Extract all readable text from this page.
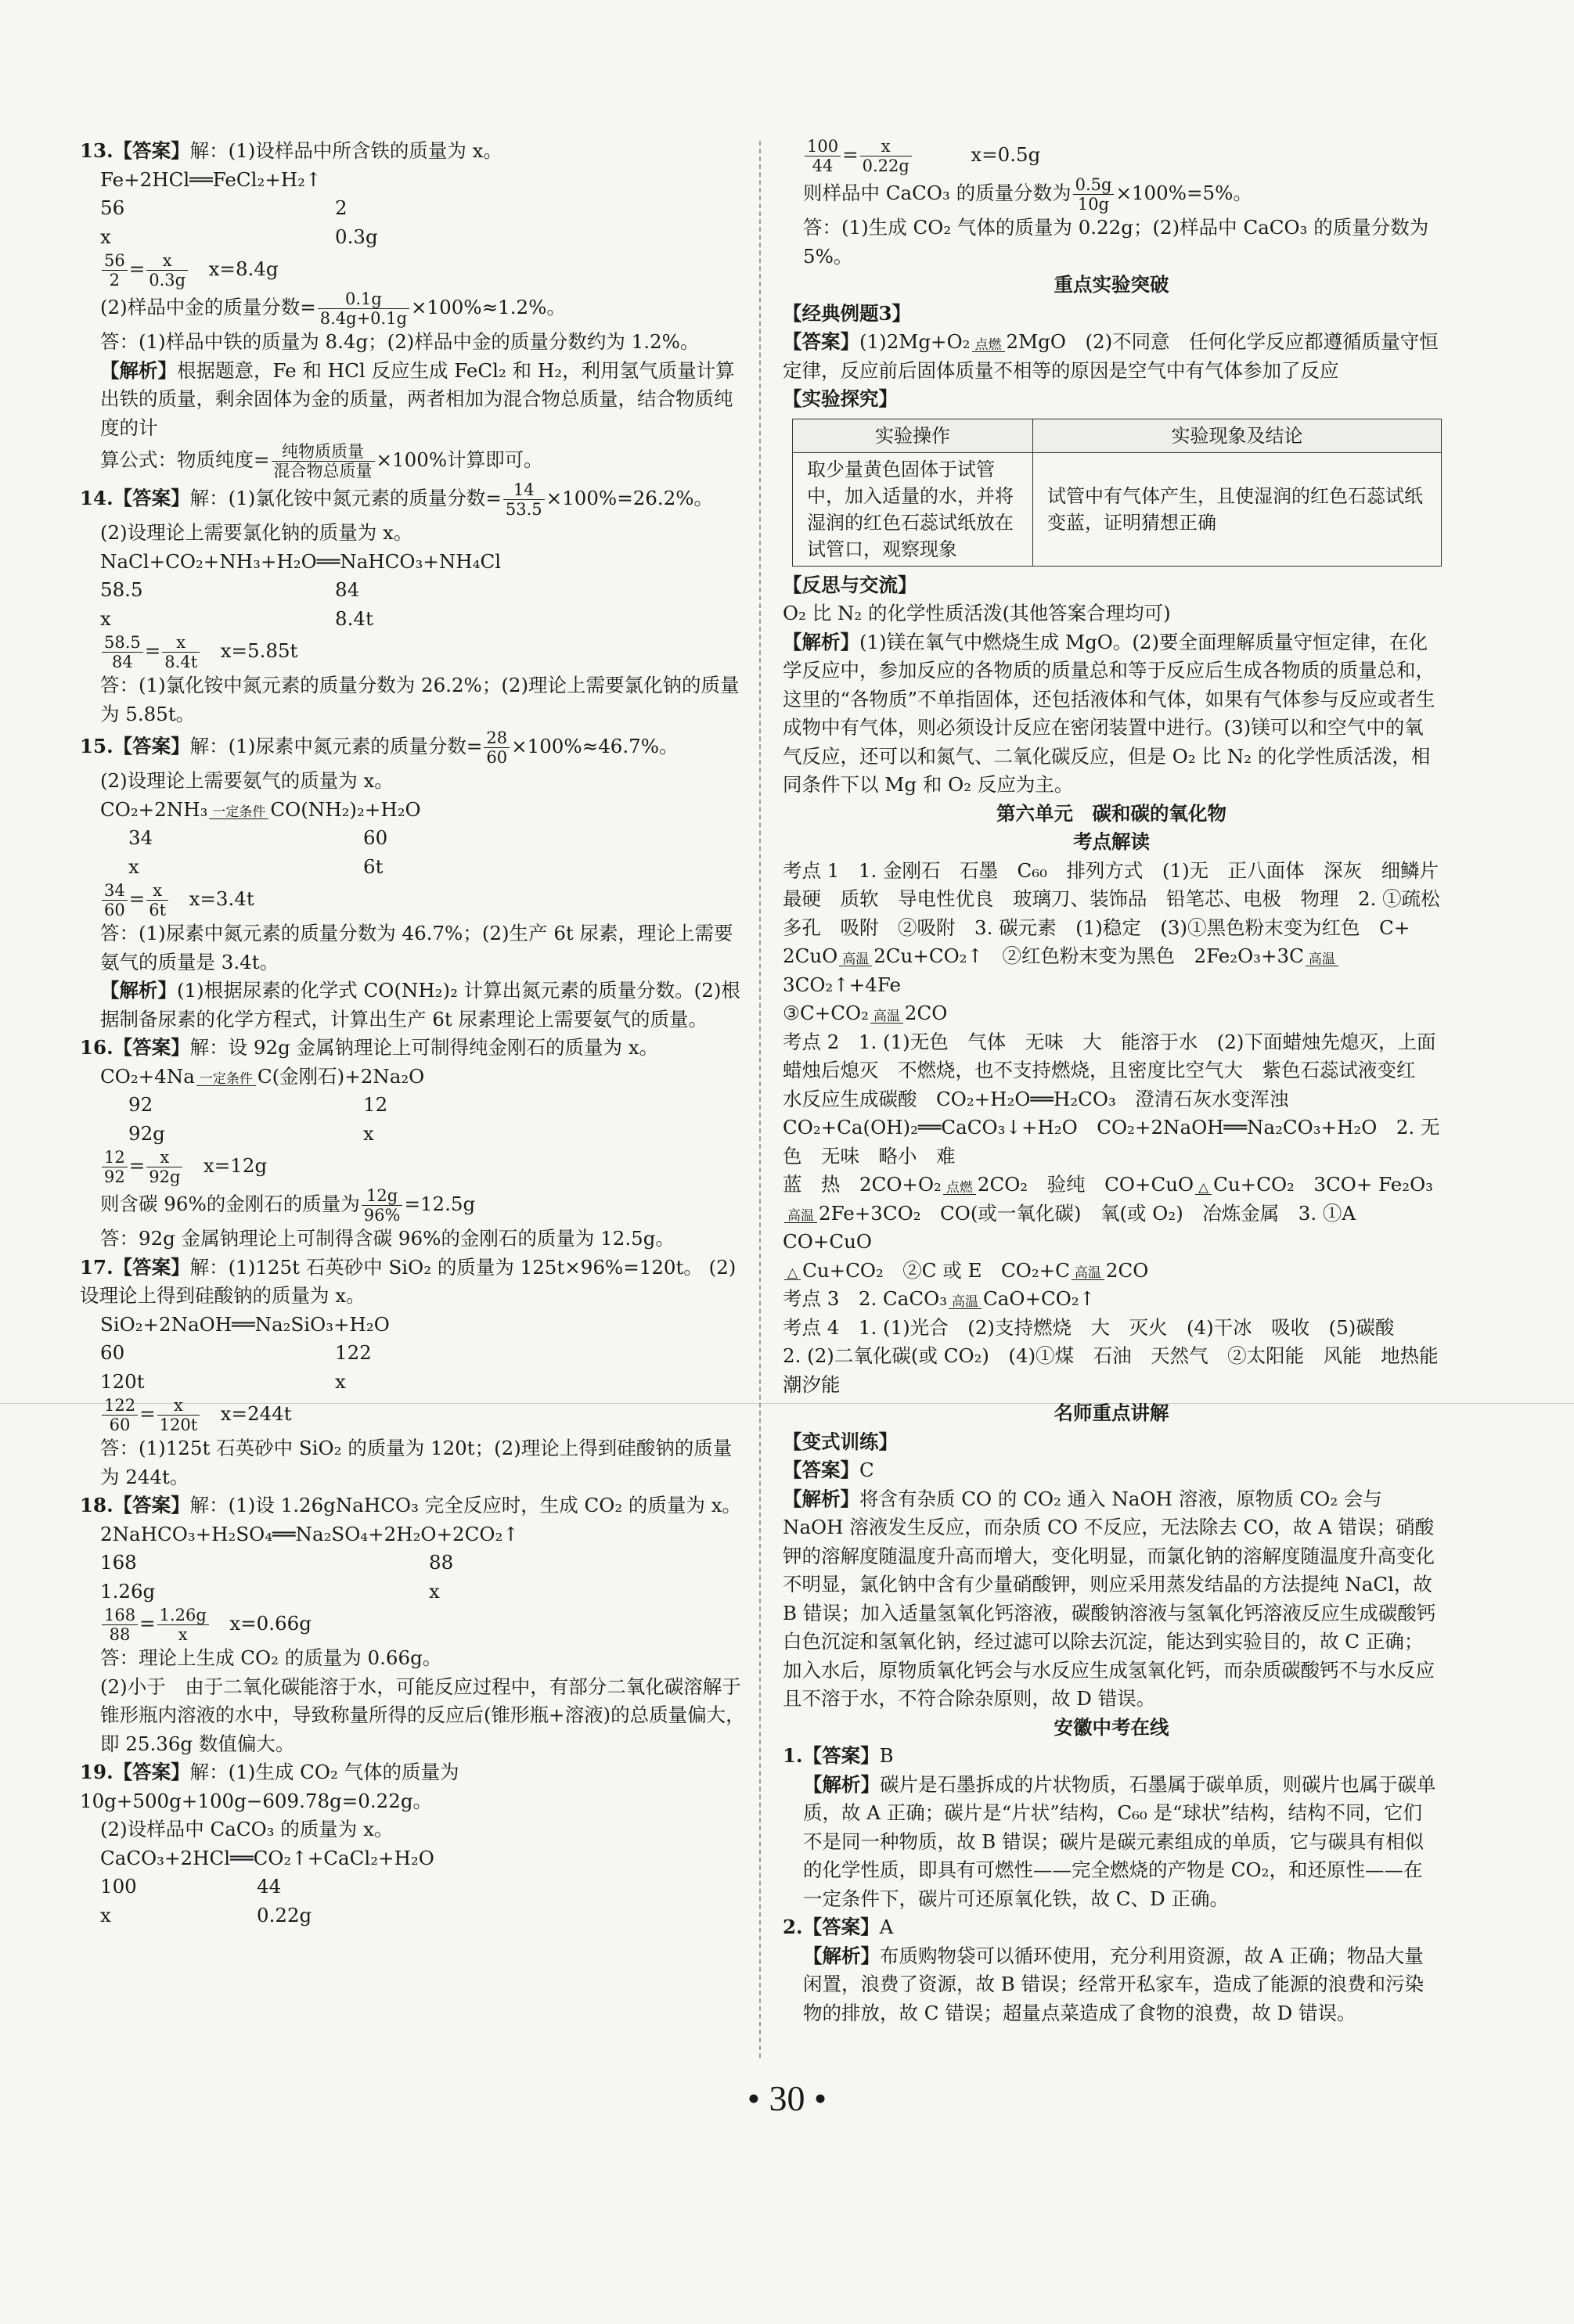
13.【答案】解：(1)设样品中所含铁的质量为 x。
Fe+2HCl══FeCl₂+H₂↑
56	2
x	0.3g
$\frac{56}{2} = \frac{x}{0.3g}$ 　x=8.4g
(2)样品中金的质量分数= $\frac{0.1g}{8.4g+0.1g} \times 100\%\approx 1.2\%$。
答：(1)样品中铁的质量为 8.4g；(2)样品中金的质量分数约为 1.2%。
【解析】根据题意，Fe 和 HCl 反应生成 FeCl₂ 和 H₂，利用氢气质量计算出铁的质量，剩余固体为金的质量，两者相加为混合物总质量，结合物质纯度的计
算公式：物质纯度= $\frac{\text{纯物质质量}}{\text{混合物总质量}} \times 100\%$计算即可。
14.【答案】解：(1)氯化铵中氮元素的质量分数= $\frac{14}{53.5} \times 100\%=26.2\%$。
(2)设理论上需要氯化钠的质量为 x。
NaCl+CO₂+NH₃+H₂O══NaHCO₃+NH₄Cl
58.5	84
x	8.4t
$\frac{58.5}{84} = \frac{x}{8.4t}$ 　x=5.85t
答：(1)氯化铵中氮元素的质量分数为 26.2%；(2)理论上需要氯化钠的质量为 5.85t。
15.【答案】解：(1)尿素中氮元素的质量分数= $\frac{28}{60} \times 100\%\approx 46.7\%$。
(2)设理论上需要氨气的质量为 x。
CO₂+2NH₃ 一定条件 CO(NH₂)₂+H₂O
34	60
x	6t
$\frac{34}{60} = \frac{x}{6t}$ 　x=3.4t
答：(1)尿素中氮元素的质量分数为 46.7%；(2)生产 6t 尿素，理论上需要氨气的质量是 3.4t。
【解析】(1)根据尿素的化学式 CO(NH₂)₂ 计算出氮元素的质量分数。(2)根据制备尿素的化学方程式，计算出生产 6t 尿素理论上需要氨气的质量。
16.【答案】解：设 92g 金属钠理论上可制得纯金刚石的质量为 x。
CO₂+4Na 一定条件 C(金刚石)+2Na₂O
92	12
92g	x
$\frac{12}{92} = \frac{x}{92g}$ 　x=12g
则含碳 96%的金刚石的质量为 $\frac{12g}{96\%} =12.5g$
答：92g 金属钠理论上可制得含碳 96%的金刚石的质量为 12.5g。
17.【答案】解：(1)125t 石英砂中 SiO₂ 的质量为 125t×96%=120t。 (2)设理论上得到硅酸钠的质量为 x。
SiO₂+2NaOH══Na₂SiO₃+H₂O
60	122
120t	x
$\frac{122}{60} = \frac{x}{120t}$ 　x=244t
答：(1)125t 石英砂中 SiO₂ 的质量为 120t；(2)理论上得到硅酸钠的质量为 244t。
18.【答案】解：(1)设 1.26gNaHCO₃ 完全反应时，生成 CO₂ 的质量为 x。
2NaHCO₃+H₂SO₄══Na₂SO₄+2H₂O+2CO₂↑
168	88
1.26g	x
$\frac{168}{88} = \frac{1.26g}{x}$ 　x=0.66g
答：理论上生成 CO₂ 的质量为 0.66g。
(2)小于　由于二氧化碳能溶于水，可能反应过程中，有部分二氧化碳溶解于锥形瓶内溶液的水中，导致称量所得的反应后(锥形瓶+溶液)的总质量偏大，即 25.36g 数值偏大。
19.【答案】解：(1)生成 CO₂ 气体的质量为 10g+500g+100g−609.78g=0.22g。
(2)设样品中 CaCO₃ 的质量为 x。
CaCO₃+2HCl══CO₂↑+CaCl₂+H₂O
100	44
x	0.22g
$\frac{100}{44} = \frac{x}{0.22g}$ 　　　x=0.5g
则样品中 CaCO₃ 的质量分数为 $\frac{0.5g}{10g} \times 100\%=5\%$。
答：(1)生成 CO₂ 气体的质量为 0.22g；(2)样品中 CaCO₃ 的质量分数为 5%。
重点实验突破
【经典例题3】
【答案】(1)2Mg+O₂ 点燃 2MgO　(2)不同意　任何化学反应都遵循质量守恒定律，反应前后固体质量不相等的原因是空气中有气体参加了反应
【实验探究】
实验操作	实验现象及结论
取少量黄色固体于试管中，加入适量的水，并将湿润的红色石蕊试纸放在试管口，观察现象	试管中有气体产生，且使湿润的红色石蕊试纸变蓝，证明猜想正确
【反思与交流】
O₂ 比 N₂ 的化学性质活泼(其他答案合理均可)
【解析】(1)镁在氧气中燃烧生成 MgO。(2)要全面理解质量守恒定律，在化学反应中，参加反应的各物质的质量总和等于反应后生成各物质的质量总和，这里的“各物质”不单指固体，还包括液体和气体，如果有气体参与反应或者生成物中有气体，则必须设计反应在密闭装置中进行。(3)镁可以和空气中的氧气反应，还可以和氮气、二氧化碳反应，但是 O₂ 比 N₂ 的化学性质活泼，相同条件下以 Mg 和 O₂ 反应为主。
第六单元　碳和碳的氧化物
考点解读
考点 1　1. 金刚石　石墨　C₆₀　排列方式　(1)无　正八面体　深灰　细鳞片　最硬　质软　导电性优良　玻璃刀、装饰品　铅笔芯、电极　物理　2. ①疏松多孔　吸附　②吸附　3. 碳元素　(1)稳定　(3)①黑色粉末变为红色　C+
2CuO 高温 2Cu+CO₂↑　②红色粉末变为黑色　2Fe₂O₃+3C 高温
3CO₂↑+4Fe
③C+CO₂ 高温 2CO
考点 2　1. (1)无色　气体　无味　大　能溶于水　(2)下面蜡烛先熄灭，上面蜡烛后熄灭　不燃烧，也不支持燃烧，且密度比空气大　紫色石蕊试液变红　水反应生成碳酸　CO₂+H₂O══H₂CO₃　澄清石灰水变浑浊　CO₂+Ca(OH)₂══CaCO₃↓+H₂O　CO₂+2NaOH══Na₂CO₃+H₂O　2. 无色　无味　略小　难
蓝　热　2CO+O₂ 点燃 2CO₂　验纯　CO+CuO △ Cu+CO₂　3CO+ Fe₂O₃
高温 2Fe+3CO₂　CO(或一氧化碳)　氧(或 O₂)　冶炼金属　3. ①A　CO+CuO
△ Cu+CO₂　②C 或 E　CO₂+C 高温 2CO
考点 3　2. CaCO₃ 高温 CaO+CO₂↑
考点 4　1. (1)光合　(2)支持燃烧　大　灭火　(4)干冰　吸收　(5)碳酸
2. (2)二氧化碳(或 CO₂)　(4)①煤　石油　天然气　②太阳能　风能　地热能　潮汐能
名师重点讲解
【变式训练】
【答案】C
【解析】将含有杂质 CO 的 CO₂ 通入 NaOH 溶液，原物质 CO₂ 会与 NaOH 溶液发生反应，而杂质 CO 不反应，无法除去 CO，故 A 错误；硝酸钾的溶解度随温度升高而增大，变化明显，而氯化钠的溶解度随温度升高变化不明显，氯化钠中含有少量硝酸钾，则应采用蒸发结晶的方法提纯 NaCl，故 B 错误；加入适量氢氧化钙溶液，碳酸钠溶液与氢氧化钙溶液反应生成碳酸钙白色沉淀和氢氧化钠，经过滤可以除去沉淀，能达到实验目的，故 C 正确；加入水后，原物质氧化钙会与水反应生成氢氧化钙，而杂质碳酸钙不与水反应且不溶于水，不符合除杂原则，故 D 错误。
安徽中考在线
1.【答案】B
【解析】碳片是石墨拆成的片状物质，石墨属于碳单质，则碳片也属于碳单质，故 A 正确；碳片是“片状”结构，C₆₀ 是“球状”结构，结构不同，它们不是同一种物质，故 B 错误；碳片是碳元素组成的单质，它与碳具有相似的化学性质，即具有可燃性——完全燃烧的产物是 CO₂，和还原性——在一定条件下，碳片可还原氧化铁，故 C、D 正确。
2.【答案】A
【解析】布质购物袋可以循环使用，充分利用资源，故 A 正确；物品大量闲置，浪费了资源，故 B 错误；经常开私家车，造成了能源的浪费和污染物的排放，故 C 错误；超量点菜造成了食物的浪费，故 D 错误。
• 30 •
